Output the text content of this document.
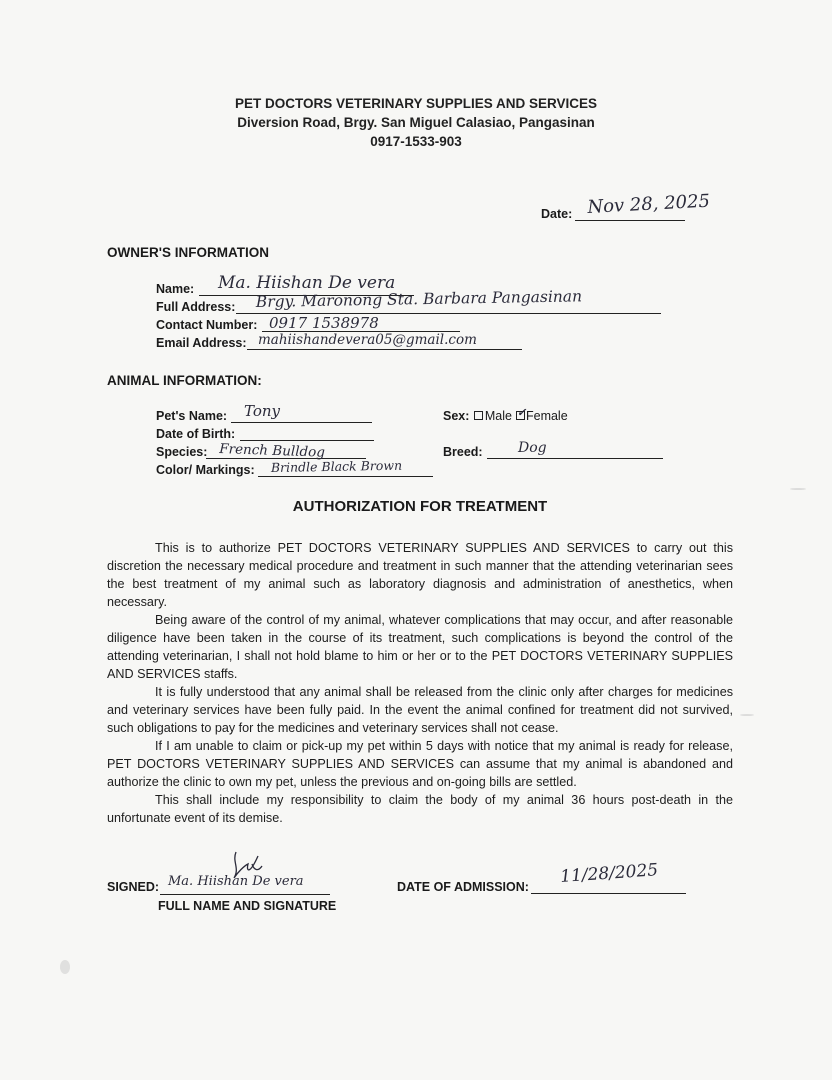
PET DOCTORS VETERINARY SUPPLIES AND SERVICES
Diversion Road, Brgy. San Miguel Calasiao, Pangasinan
0917-1533-903
Date: Nov 28, 2025
OWNER'S INFORMATION
Name: Ma. Hiishan De vera
Full Address: Brgy. Maronong Sta. Barbara Pangasinan
Contact Number: 0917 1538978
Email Address: mahiishandevera05@gmail.com
ANIMAL INFORMATION:
Pet's Name: Tony
Date of Birth:
Species: French Bulldog
Color/ Markings: Brindle Black Brown
Sex: Male✓ Female
Breed:	Dog
AUTHORIZATION FOR TREATMENT

This is to authorize PET DOCTORS VETERINARY SUPPLIES AND SERVICES to carry out this discretion the necessary medical procedure and treatment in such manner that the attending veterinarian sees the best treatment of my animal such as laboratory diagnosis and administration of anesthetics, when necessary.

Being aware of the control of my animal, whatever complications that may occur, and after reasonable diligence have been taken in the course of its treatment, such complications is beyond the control of the attending veterinarian, I shall not hold blame to him or her or to the PET DOCTORS VETERINARY SUPPLIES AND SERVICES staffs.

It is fully understood that any animal shall be released from the clinic only after charges for medicines and veterinary services have been fully paid. In the event the animal confined for treatment did not survived, such obligations to pay for the medicines and veterinary services shall not cease.

If I am unable to claim or pick-up my pet within 5 days with notice that my animal is ready for release, PET DOCTORS VETERINARY SUPPLIES AND SERVICES can assume that my animal is abandoned and authorize the clinic to own my pet, unless the previous and on-going bills are settled.

This shall include my responsibility to claim the body of my animal 36 hours post-death in the unfortunate event of its demise.

SIGNED: Ma. Hiishan De vera
FULL NAME AND SIGNATURE
DATE OF ADMISSION: 11/28/2025
